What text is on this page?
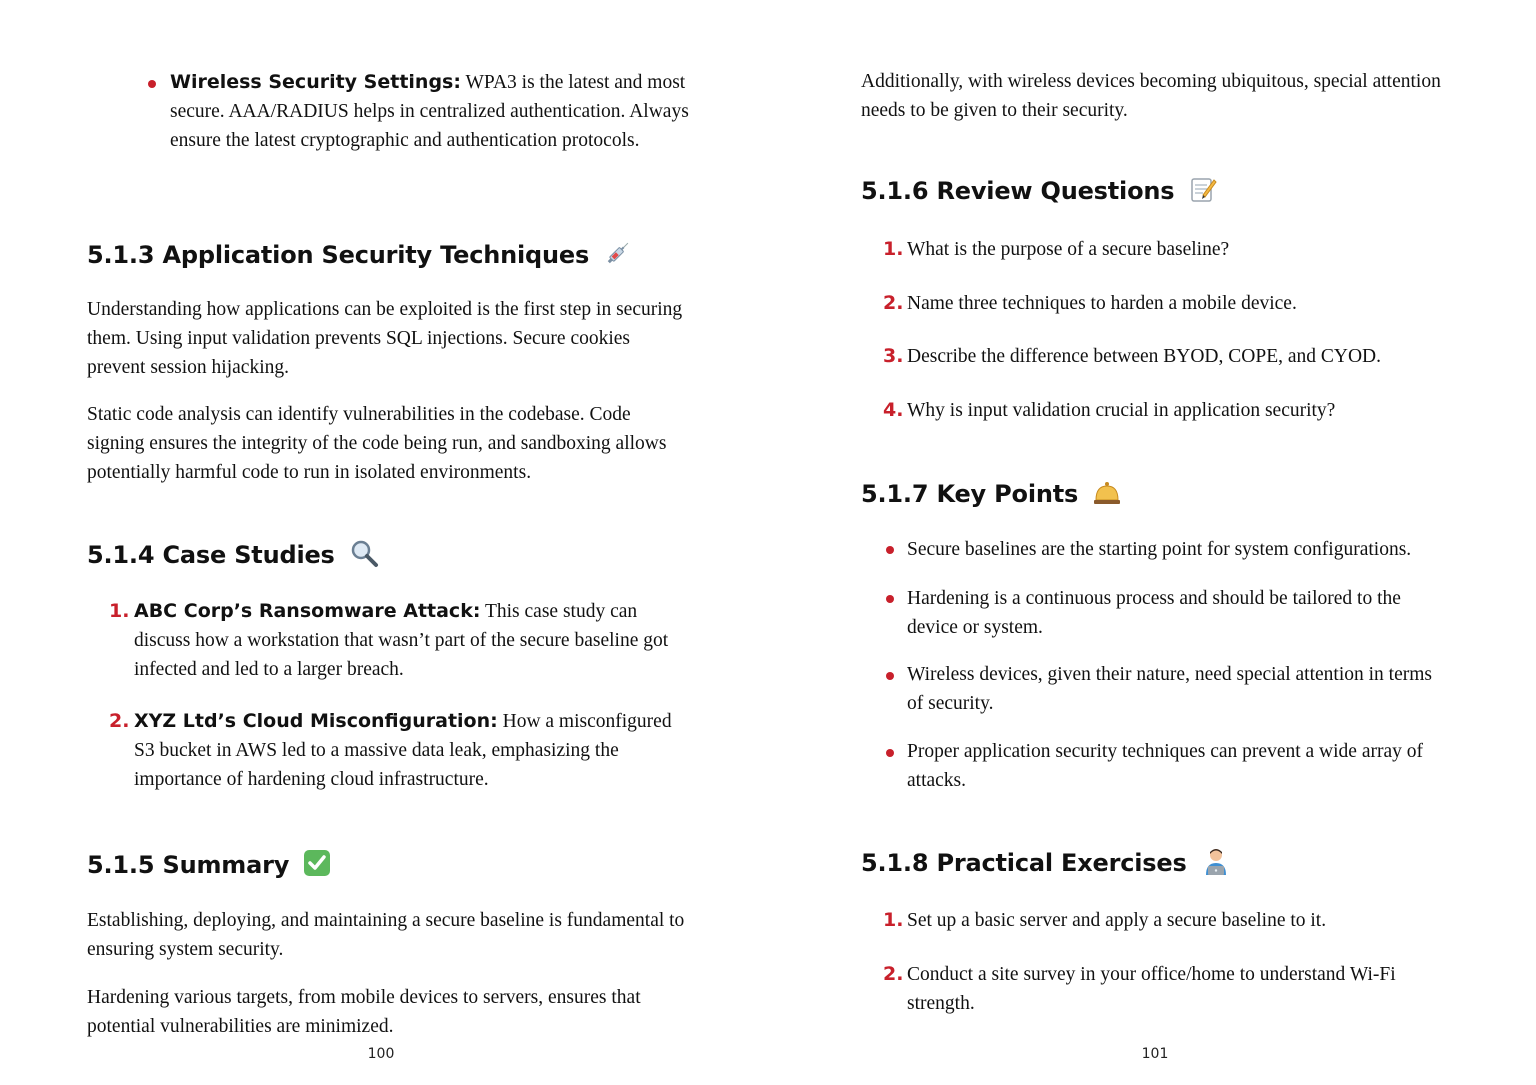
Wireless Security Settings: WPA3 is the latest and most secure. AAA/RADIUS helps in centralized authentication. Always ensure the latest cryptographic and authentication protocols.

5.1.3 Application Security Techniques

Understanding how applications can be exploited is the first step in securing them. Using input validation prevents SQL injections. Secure cookies prevent session hijacking.

Static code analysis can identify vulnerabilities in the codebase. Code signing ensures the integrity of the code being run, and sandboxing allows potentially harmful code to run in isolated environments.

5.1.4 Case Studies
1. ABC Corp’s Ransomware Attack: This case study can discuss how a workstation that wasn’t part of the secure baseline got infected and led to a larger breach.

2. XYZ Ltd’s Cloud Misconfiguration: How a misconfigured S3 bucket in AWS led to a massive data leak, emphasizing the importance of hardening cloud infrastructure.

5.1.5 Summary

Establishing, deploying, and maintaining a secure baseline is fundamental to ensuring system security.

Hardening various targets, from mobile devices to servers, ensures that potential vulnerabilities are minimized.

100

Additionally, with wireless devices becoming ubiquitous, special attention needs to be given to their security.

5.1.6 Review Questions
1. What is the purpose of a secure baseline?

2. Name three techniques to harden a mobile device.

3. Describe the difference between BYOD, COPE, and CYOD.

4. Why is input validation crucial in application security?

5.1.7 Key Points

Secure baselines are the starting point for system configurations.

Hardening is a continuous process and should be tailored to the device or system.

Wireless devices, given their nature, need special attention in terms of security.

Proper application security techniques can prevent a wide array of attacks.

5.1.8 Practical Exercises
1. Set up a basic server and apply a secure baseline to it.

2. Conduct a site survey in your office/home to understand Wi-Fi strength.

101
